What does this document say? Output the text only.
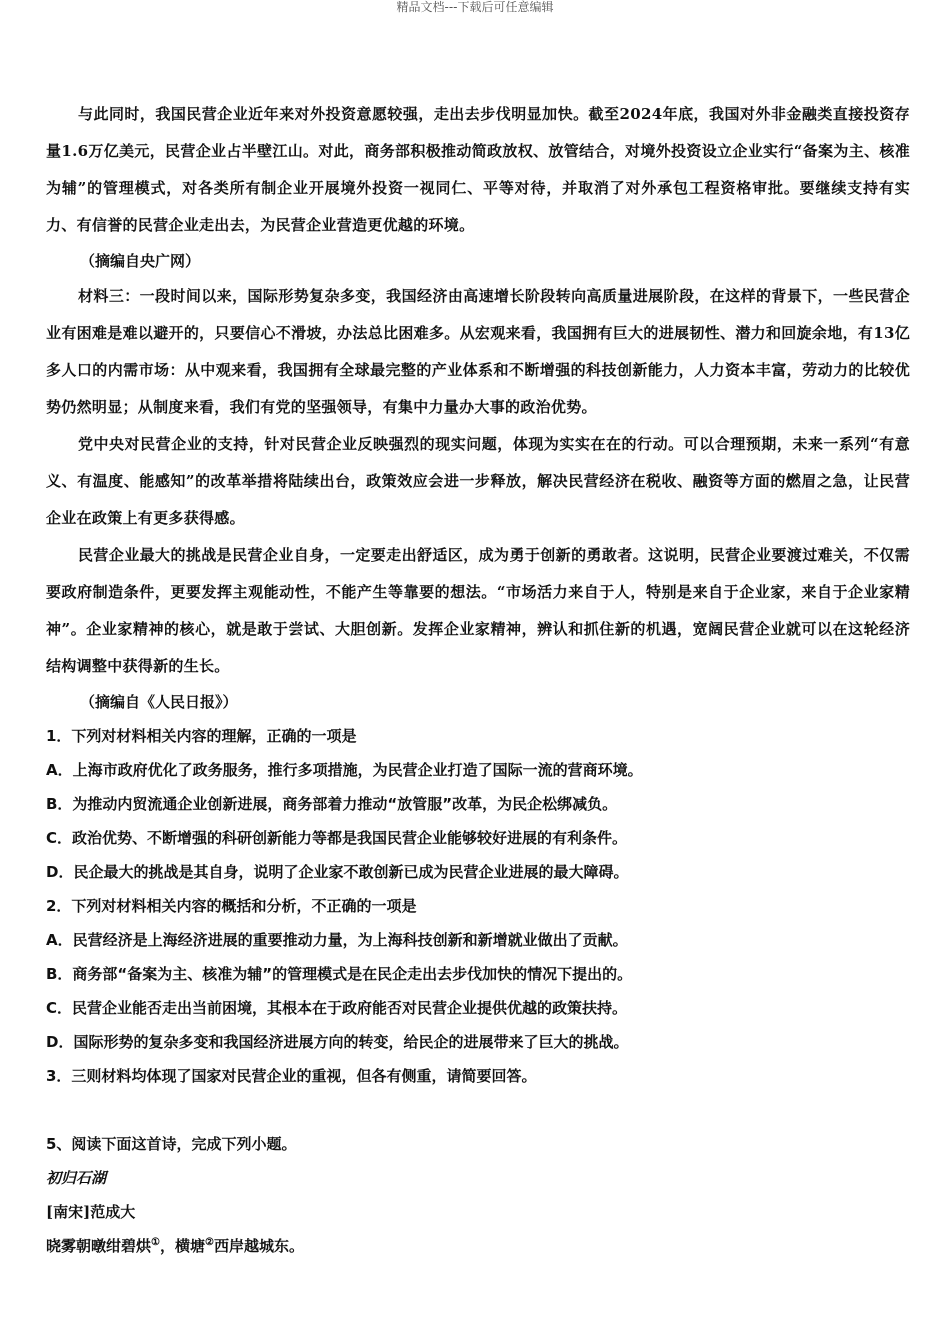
精品文档---下载后可任意编辑

与此同时，我国民营企业近年来对外投资意愿较强，走出去步伐明显加快。截至2024年底，我国对外非金融类直接投资存量1.6万亿美元，民营企业占半壁江山。对此，商务部积极推动简政放权、放管结合，对境外投资设立企业实行“备案为主、核准为辅”的管理模式，对各类所有制企业开展境外投资一视同仁、平等对待，并取消了对外承包工程资格审批。要继续支持有实力、有信誉的民营企业走出去，为民营企业营造更优越的环境。

（摘编自央广网）

材料三：一段时间以来，国际形势复杂多变，我国经济由高速增长阶段转向高质量进展阶段，在这样的背景下，一些民营企业有困难是难以避开的，只要信心不滑坡，办法总比困难多。从宏观来看，我国拥有巨大的进展韧性、潜力和回旋余地，有13亿多人口的内需市场：从中观来看，我国拥有全球最完整的产业体系和不断增强的科技创新能力，人力资本丰富，劳动力的比较优势仍然明显；从制度来看，我们有党的坚强领导，有集中力量办大事的政治优势。

党中央对民营企业的支持，针对民营企业反映强烈的现实问题，体现为实实在在的行动。可以合理预期，未来一系列“有意义、有温度、能感知”的改革举措将陆续出台，政策效应会进一步释放，解决民营经济在税收、融资等方面的燃眉之急，让民营企业在政策上有更多获得感。

民营企业最大的挑战是民营企业自身，一定要走出舒适区，成为勇于创新的勇敢者。这说明，民营企业要渡过难关，不仅需要政府制造条件，更要发挥主观能动性，不能产生等靠要的想法。“市场活力来自于人，特别是来自于企业家，来自于企业家精神”。企业家精神的核心，就是敢于尝试、大胆创新。发挥企业家精神，辨认和抓住新的机遇，宽阔民营企业就可以在这轮经济结构调整中获得新的生长。

（摘编自《人民日报》）

1．下列对材料相关内容的理解，正确的一项是

A．上海市政府优化了政务服务，推行多项措施，为民营企业打造了国际一流的营商环境。

B．为推动内贸流通企业创新进展，商务部着力推动“放管服”改革，为民企松绑减负。

C．政治优势、不断增强的科研创新能力等都是我国民营企业能够较好进展的有利条件。

D．民企最大的挑战是其自身，说明了企业家不敢创新已成为民营企业进展的最大障碍。

2．下列对材料相关内容的概括和分析，不正确的一项是

A．民营经济是上海经济进展的重要推动力量，为上海科技创新和新增就业做出了贡献。

B．商务部“备案为主、核准为辅”的管理模式是在民企走出去步伐加快的情况下提出的。

C．民营企业能否走出当前困境，其根本在于政府能否对民营企业提供优越的政策扶持。

D．国际形势的复杂多变和我国经济进展方向的转变，给民企的进展带来了巨大的挑战。

3．三则材料均体现了国家对民营企业的重视，但各有侧重，请简要回答。

5、阅读下面这首诗，完成下列小题。

初归石湖

[南宋]范成大

晓雾朝暾绀碧烘①，横塘②西岸越城东。
